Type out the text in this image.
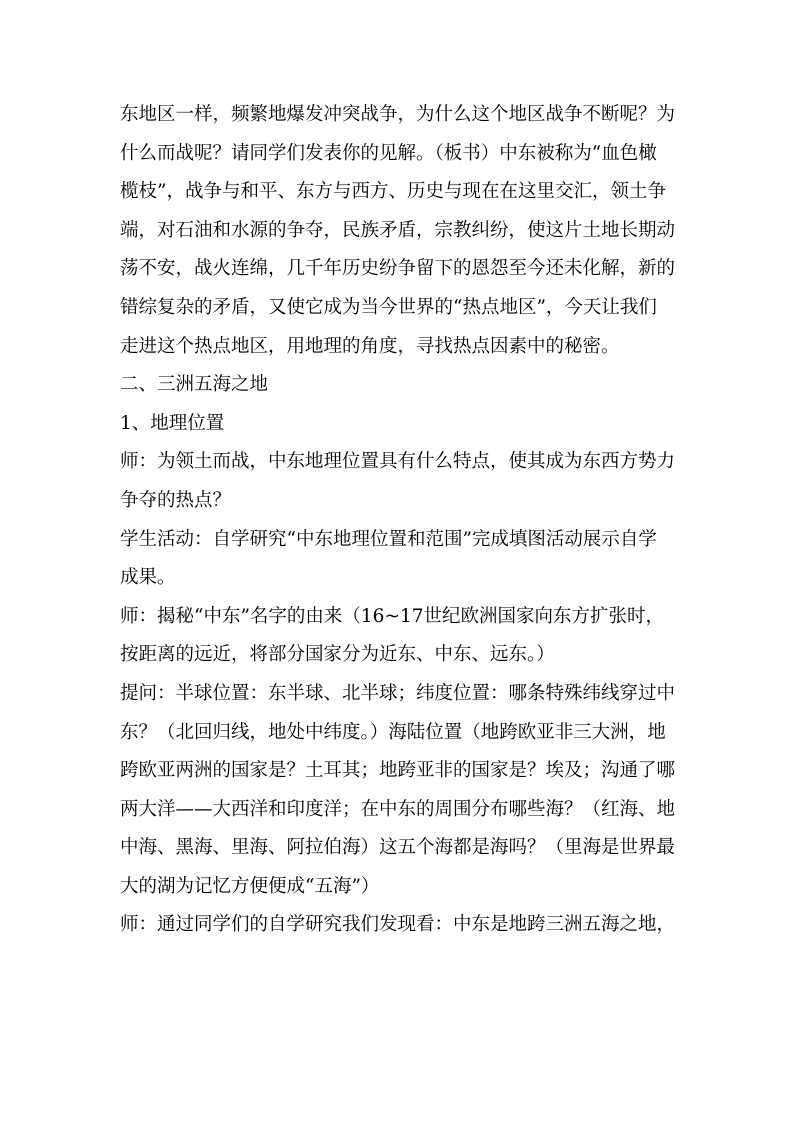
东地区一样，频繁地爆发冲突战争，为什么这个地区战争不断呢？为
什么而战呢？请同学们发表你的见解。（板书）中东被称为“血色橄
榄枝”，战争与和平、东方与西方、历史与现在在这里交汇，领土争
端，对石油和水源的争夺，民族矛盾，宗教纠纷，使这片土地长期动
荡不安，战火连绵，几千年历史纷争留下的恩怨至今还未化解，新的
错综复杂的矛盾，又使它成为当今世界的“热点地区”，今天让我们
走进这个热点地区，用地理的角度，寻找热点因素中的秘密。
二、三洲五海之地
1、地理位置
师：为领土而战，中东地理位置具有什么特点，使其成为东西方势力
争夺的热点？
学生活动：自学研究“中东地理位置和范围”完成填图活动展示自学
成果。
师：揭秘“中东”名字的由来（16~17世纪欧洲国家向东方扩张时，
按距离的远近，将部分国家分为近东、中东、远东。）
提问：半球位置：东半球、北半球；纬度位置：哪条特殊纬线穿过中
东？（北回归线，地处中纬度。）海陆位置（地跨欧亚非三大洲，地
跨欧亚两洲的国家是？土耳其；地跨亚非的国家是？埃及；沟通了哪
两大洋——大西洋和印度洋；在中东的周围分布哪些海？（红海、地
中海、黑海、里海、阿拉伯海）这五个海都是海吗？（里海是世界最
大的湖为记忆方便便成“五海”）
师：通过同学们的自学研究我们发现看：中东是地跨三洲五海之地，
